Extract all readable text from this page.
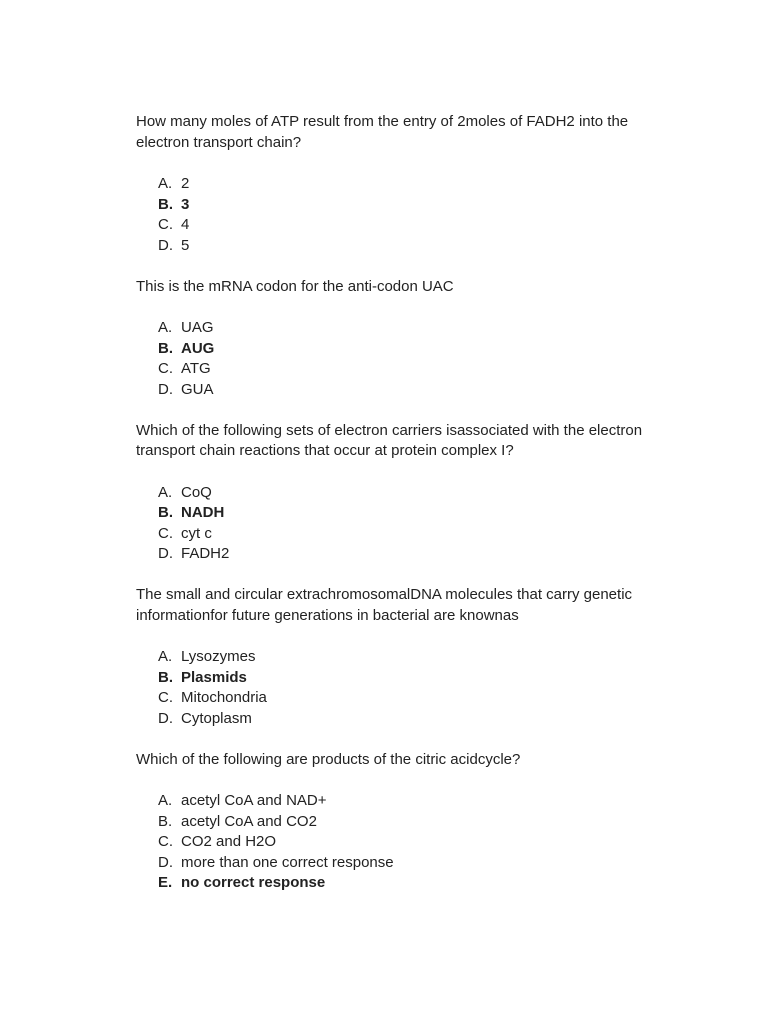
How many moles of ATP result from the entry of 2moles of FADH2 into the electron transport chain?

A. 2
B. 3
C. 4
D. 5

This is the mRNA codon for the anti-codon UAC

A. UAG
B. AUG
C. ATG
D. GUA

Which of the following sets of electron carriers isassociated with the electron transport chain reactions that occur at protein complex I?

A. CoQ
B. NADH
C. cyt c
D. FADH2

The small and circular extrachromosomalDNA molecules that carry genetic informationfor future generations in bacterial are knownas

A. Lysozymes
B. Plasmids
C. Mitochondria
D. Cytoplasm

Which of the following are products of the citric acidcycle?

A. acetyl CoA and NAD+
B. acetyl CoA and CO2
C. CO2 and H2O
D. more than one correct response
E. no correct response
